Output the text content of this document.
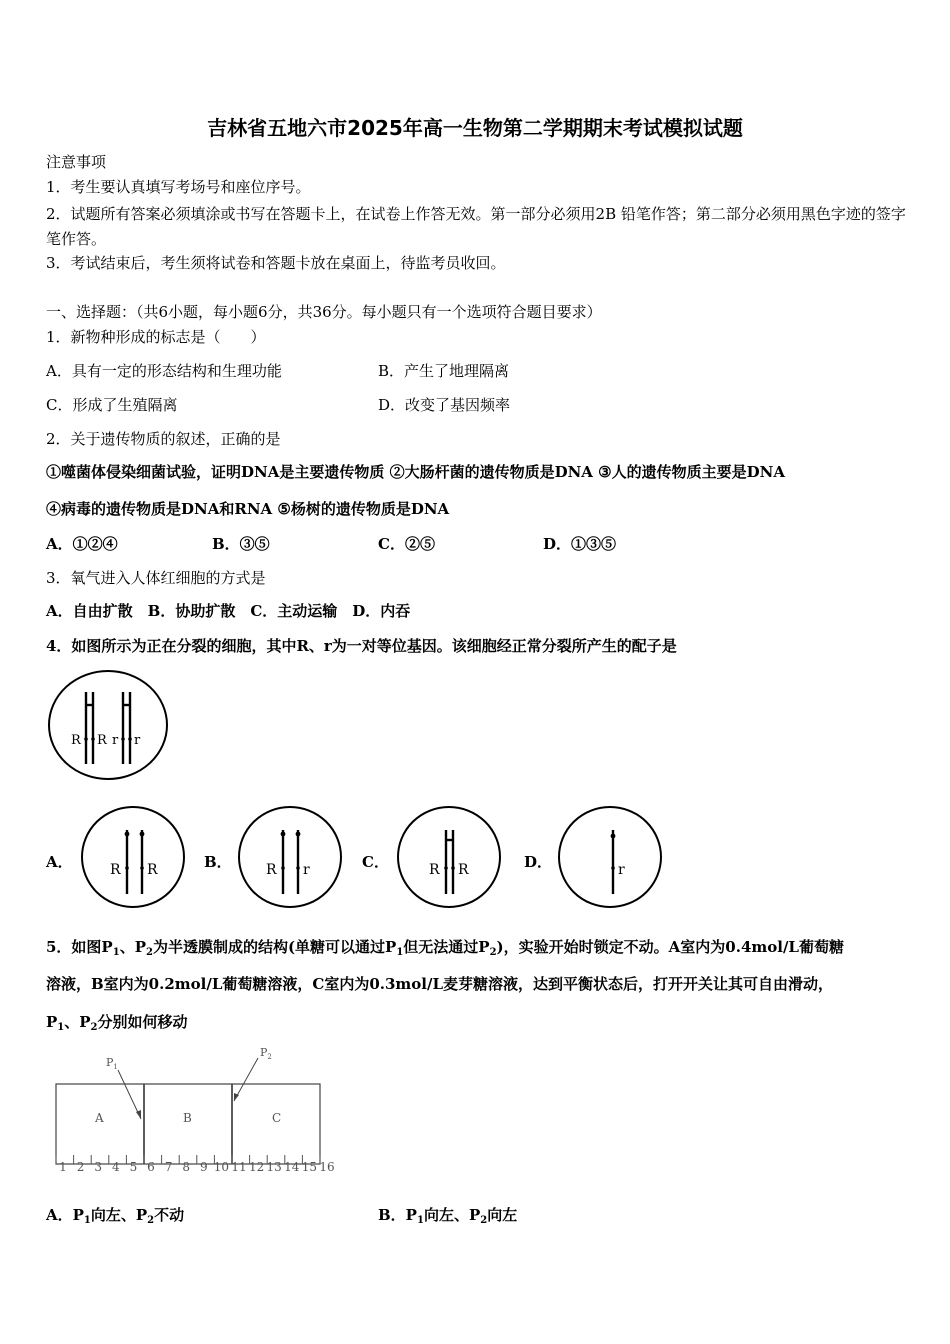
吉林省五地六市2025年高一生物第二学期期末考试模拟试题
注意事项
1．考生要认真填写考场号和座位序号。
2．试题所有答案必须填涂或书写在答题卡上，在试卷上作答无效。第一部分必须用2B 铅笔作答；第二部分必须用黑色字迹的签字笔作答。
3．考试结束后，考生须将试卷和答题卡放在桌面上，待监考员收回。
一、选择题：（共6小题，每小题6分，共36分。每小题只有一个选项符合题目要求）
1．新物种形成的标志是（　　）
A．具有一定的形态结构和生理功能	B．产生了地理隔离
C．形成了生殖隔离	D．改变了基因频率
2．关于遗传物质的叙述，正确的是
①噬菌体侵染细菌试验，证明DNA是主要遗传物质 ②大肠杆菌的遗传物质是DNA ③人的遗传物质主要是DNA
④病毒的遗传物质是DNA和RNA ⑤杨树的遗传物质是DNA
A．①②④	B．③⑤	C．②⑤	D．①③⑤
3．氧气进入人体红细胞的方式是
A．自由扩散　B．协助扩散　C．主动运输　D．内吞
4．如图所示为正在分裂的细胞，其中R、r为一对等位基因。该细胞经正常分裂所产生的配子是
R R r r
A．	R R	B． R r	C．	R R	D．	r
5．如图$P_1$、$P_2$为半透膜制成的结构(单糖可以通过$P_1$但无法通过$P_2$)，实验开始时锁定不动。A室内为0.4mol/L葡萄糖
溶液，B室内为0.2mol/L葡萄糖溶液，C室内为0.3mol/L麦芽糖溶液，达到平衡状态后，打开开关让其可自由滑动，
$P_1$、$P_2$分别如何移动
A	B	C
$P_1$
$P_2$
1 2 3 4 5 6 7 8 9 10 11 12 13 14 15 16
A．$P_1$向左、$P_2$不动	B．$P_1$向左、$P_2$向左
